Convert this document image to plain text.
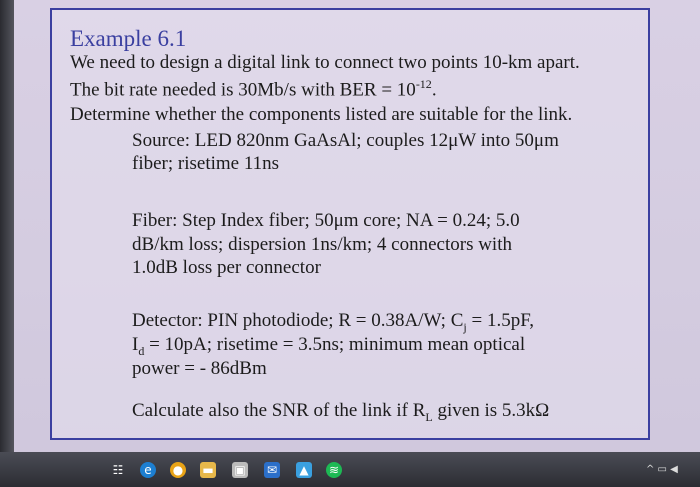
Example 6.1
We need to design a digital link to connect two points 10-km apart.
The bit rate needed is 30Mb/s with BER = $10^{-12}$.
Determine whether the components listed are suitable for the link.
Source: LED 820nm GaAsAl; couples 12μW into 50μm
fiber; risetime 11ns
Fiber: Step Index fiber; 50μm core; NA = 0.24; 5.0
dB/km loss; dispersion 1ns/km; 4 connectors with
1.0dB loss per connector
Detector: PIN photodiode; R = 0.38A/W; $C_j = 1.5pF$,
$I_d = 10pA$; risetime = 3.5ns; minimum mean optical
power = - 86dBm
Calculate also the SNR of the link if $R_L$ given is 5.3kΩ
☷	e	● ▬ ▣ ✉ ▲ ≋	^ ▭ ◀
